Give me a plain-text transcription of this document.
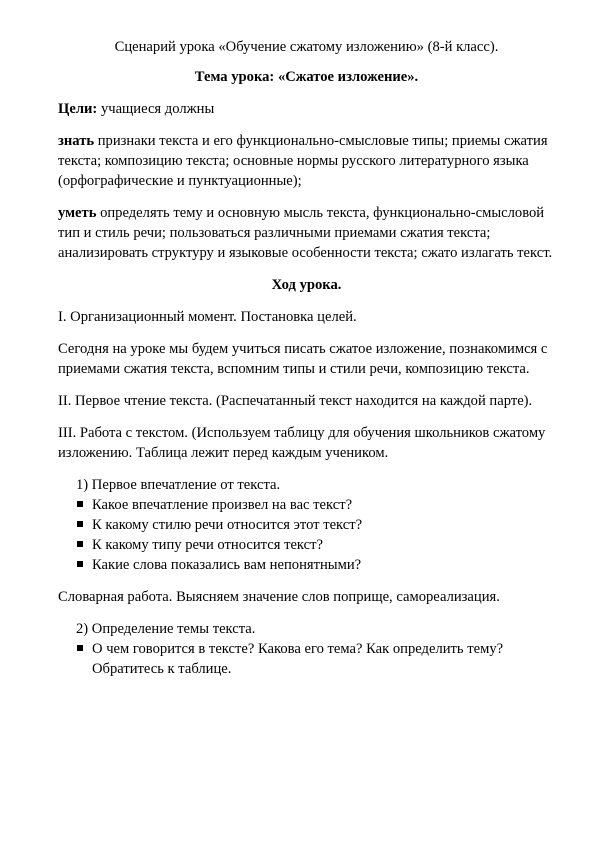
Сценарий урока «Обучение сжатому изложению» (8-й класс).

Тема урока: «Сжатое изложение».

Цели: учащиеся должны

знать признаки текста и его функционально-смысловые типы; приемы сжатия текста; композицию текста; основные нормы русского литературного языка (орфографические и пунктуационные);

уметь определять тему и основную мысль текста, функционально-смысловой тип и стиль речи; пользоваться различными приемами сжатия текста; анализировать структуру и языковые особенности текста; сжато излагать текст.

Ход урока.

I. Организационный момент. Постановка целей.

Сегодня на уроке мы будем учиться писать сжатое изложение, познакомимся с приемами сжатия текста, вспомним типы и стили речи, композицию текста.

II. Первое чтение текста. (Распечатанный текст находится на каждой парте).

III. Работа с текстом. (Используем таблицу для обучения школьников сжатому изложению. Таблица лежит перед каждым учеником.

1) Первое впечатление от текста.
Какое впечатление произвел на вас текст?
К какому стилю речи относится этот текст?
К какому типу речи относится текст?
Какие слова показались вам непонятными?

Словарная работа. Выясняем значение слов поприще, самореализация.

2) Определение темы текста.
О чем говорится в тексте? Какова его тема? Как определить тему? Обратитесь к таблице.
